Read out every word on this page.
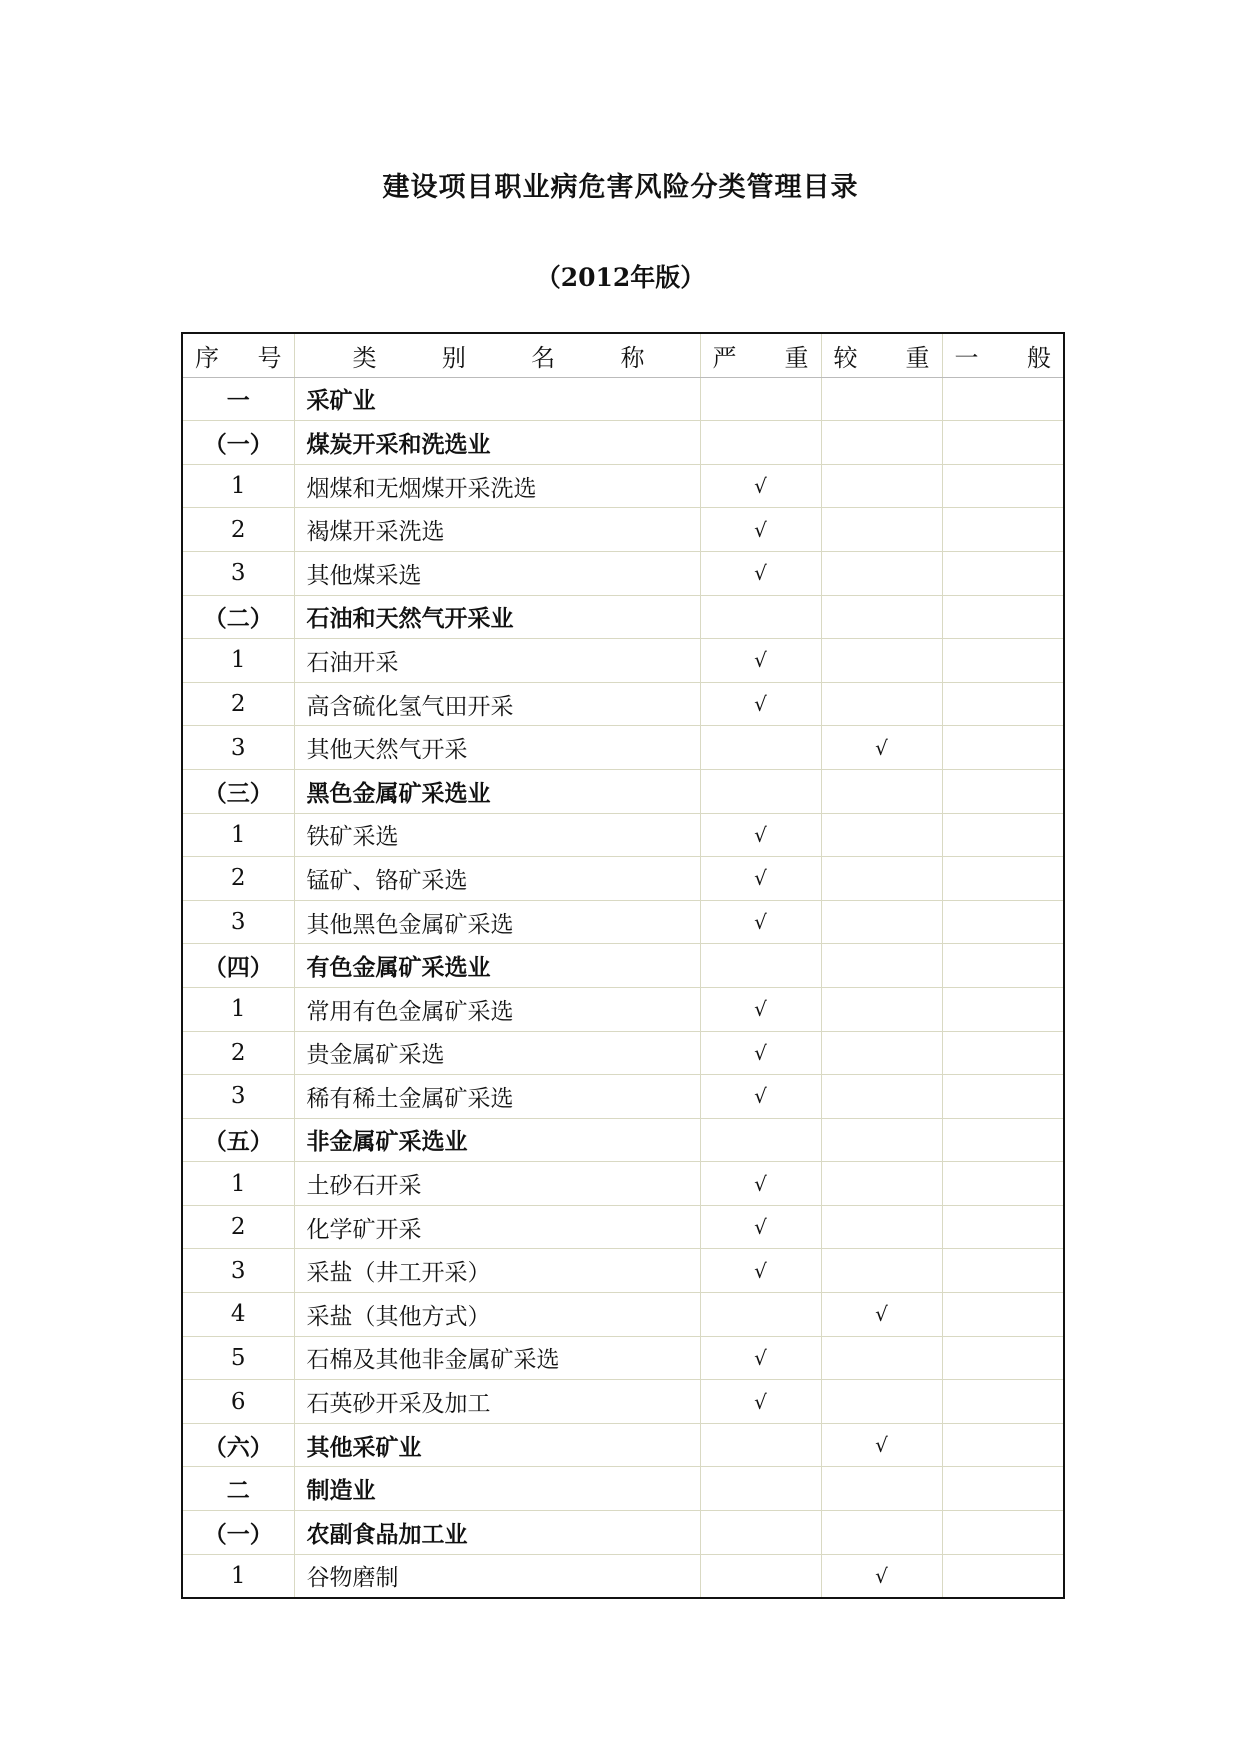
建设项目职业病危害风险分类管理目录
（2012年版）
序 号	类 别 名 称	严 重	较 重	一 般

一	采矿业			
（一）	煤炭开采和洗选业			
1	烟煤和无烟煤开采洗选	√		
2	褐煤开采洗选	√		
3	其他煤采选	√		
（二）	石油和天然气开采业			
1	石油开采	√		
2	高含硫化氢气田开采	√		
3	其他天然气开采		√	
（三）	黑色金属矿采选业			
1	铁矿采选	√		
2	锰矿、铬矿采选	√		
3	其他黑色金属矿采选	√		
（四）	有色金属矿采选业			
1	常用有色金属矿采选	√		
2	贵金属矿采选	√		
3	稀有稀土金属矿采选	√		
（五）	非金属矿采选业			
1	土砂石开采	√		
2	化学矿开采	√		
3	采盐（井工开采）	√		
4	采盐（其他方式）		√	
5	石棉及其他非金属矿采选	√		
6	石英砂开采及加工	√		
（六）	其他采矿业		√	
二	制造业			
（一）	农副食品加工业			
1	谷物磨制		√	
